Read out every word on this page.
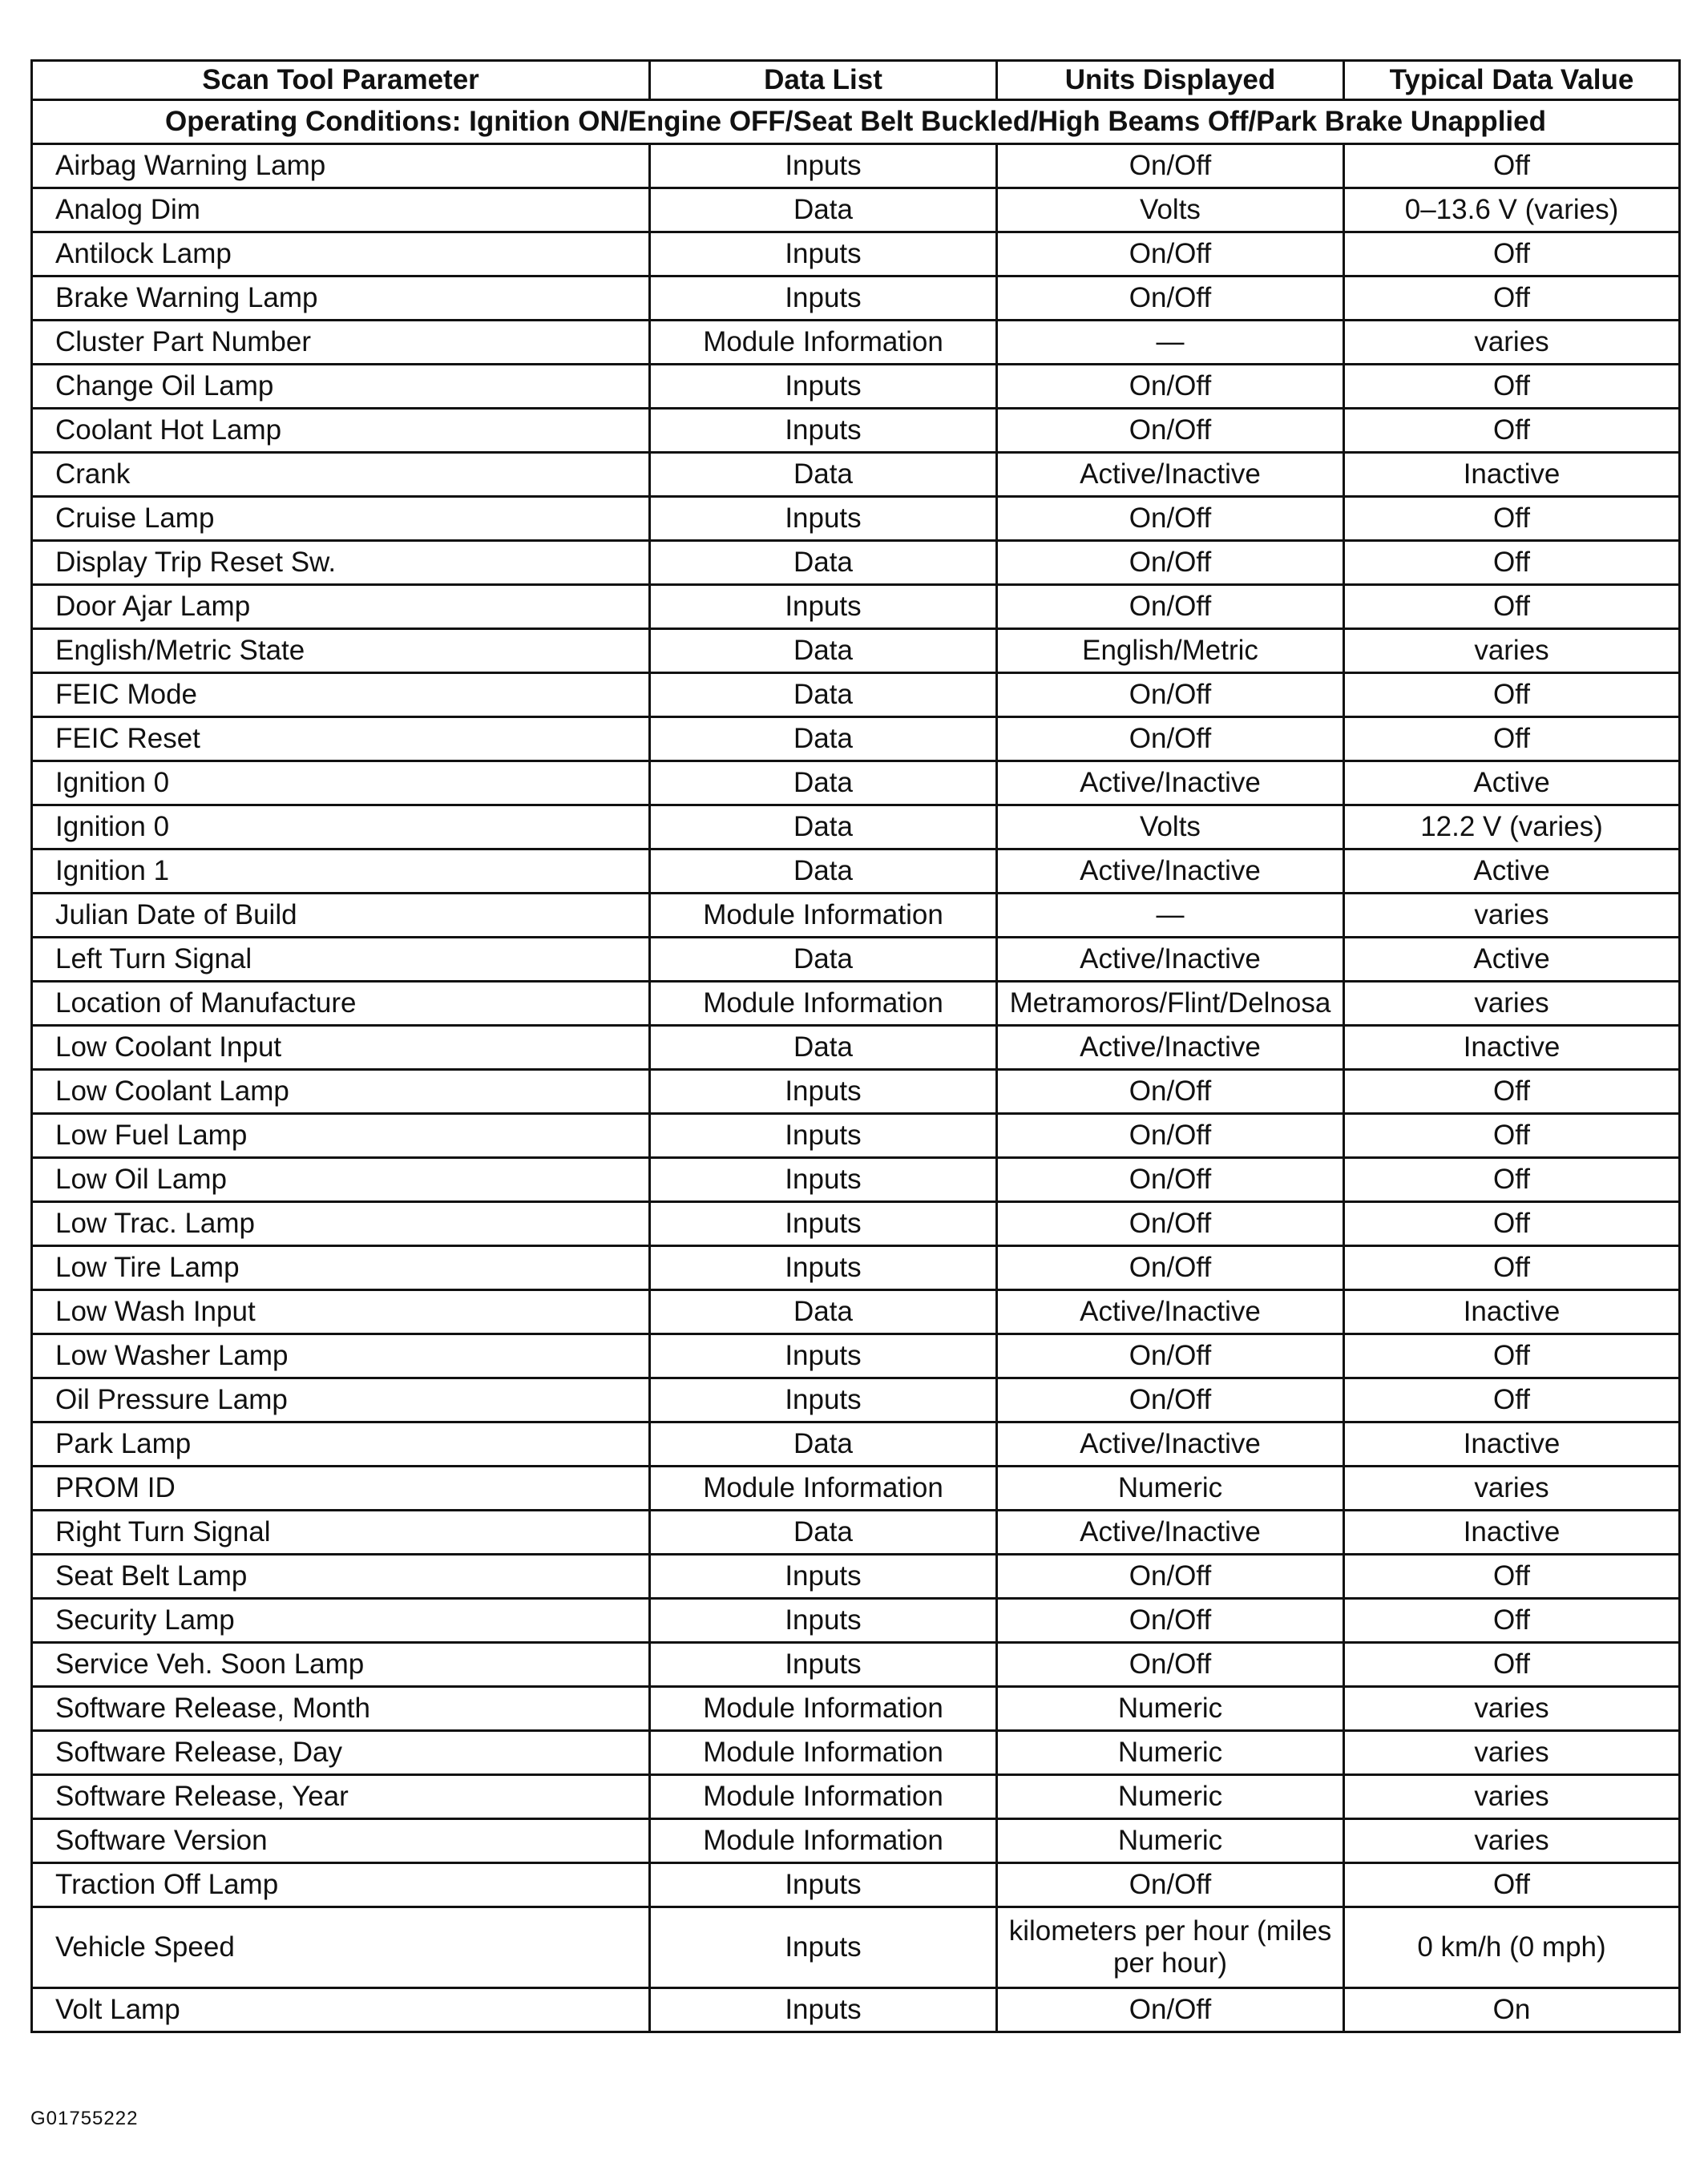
Scan Tool Parameter	Data List	Units Displayed	Typical Data Value
Operating Conditions: Ignition ON/Engine OFF/Seat Belt Buckled/High Beams Off/Park Brake Unapplied			
Airbag Warning Lamp	Inputs	On/Off	Off
Analog Dim	Data	Volts	0–13.6 V (varies)
Antilock Lamp	Inputs	On/Off	Off
Brake Warning Lamp	Inputs	On/Off	Off
Cluster Part Number	Module Information	—	varies
Change Oil Lamp	Inputs	On/Off	Off
Coolant Hot Lamp	Inputs	On/Off	Off
Crank	Data	Active/Inactive	Inactive
Cruise Lamp	Inputs	On/Off	Off
Display Trip Reset Sw.	Data	On/Off	Off
Door Ajar Lamp	Inputs	On/Off	Off
English/Metric State	Data	English/Metric	varies
FEIC Mode	Data	On/Off	Off
FEIC Reset	Data	On/Off	Off
Ignition 0	Data	Active/Inactive	Active
Ignition 0	Data	Volts	12.2 V (varies)
Ignition 1	Data	Active/Inactive	Active
Julian Date of Build	Module Information	—	varies
Left Turn Signal	Data	Active/Inactive	Active
Location of Manufacture	Module Information	Metramoros/Flint/Delnosa	varies
Low Coolant Input	Data	Active/Inactive	Inactive
Low Coolant Lamp	Inputs	On/Off	Off
Low Fuel Lamp	Inputs	On/Off	Off
Low Oil Lamp	Inputs	On/Off	Off
Low Trac. Lamp	Inputs	On/Off	Off
Low Tire Lamp	Inputs	On/Off	Off
Low Wash Input	Data	Active/Inactive	Inactive
Low Washer Lamp	Inputs	On/Off	Off
Oil Pressure Lamp	Inputs	On/Off	Off
Park Lamp	Data	Active/Inactive	Inactive
PROM ID	Module Information	Numeric	varies
Right Turn Signal	Data	Active/Inactive	Inactive
Seat Belt Lamp	Inputs	On/Off	Off
Security Lamp	Inputs	On/Off	Off
Service Veh. Soon Lamp	Inputs	On/Off	Off
Software Release, Month	Module Information	Numeric	varies
Software Release, Day	Module Information	Numeric	varies
Software Release, Year	Module Information	Numeric	varies
Software Version	Module Information	Numeric	varies
Traction Off Lamp	Inputs	On/Off	Off
Vehicle Speed	Inputs	kilometers per hour (miles per hour)	0 km/h (0 mph)
Volt Lamp	Inputs	On/Off	On
G01755222
